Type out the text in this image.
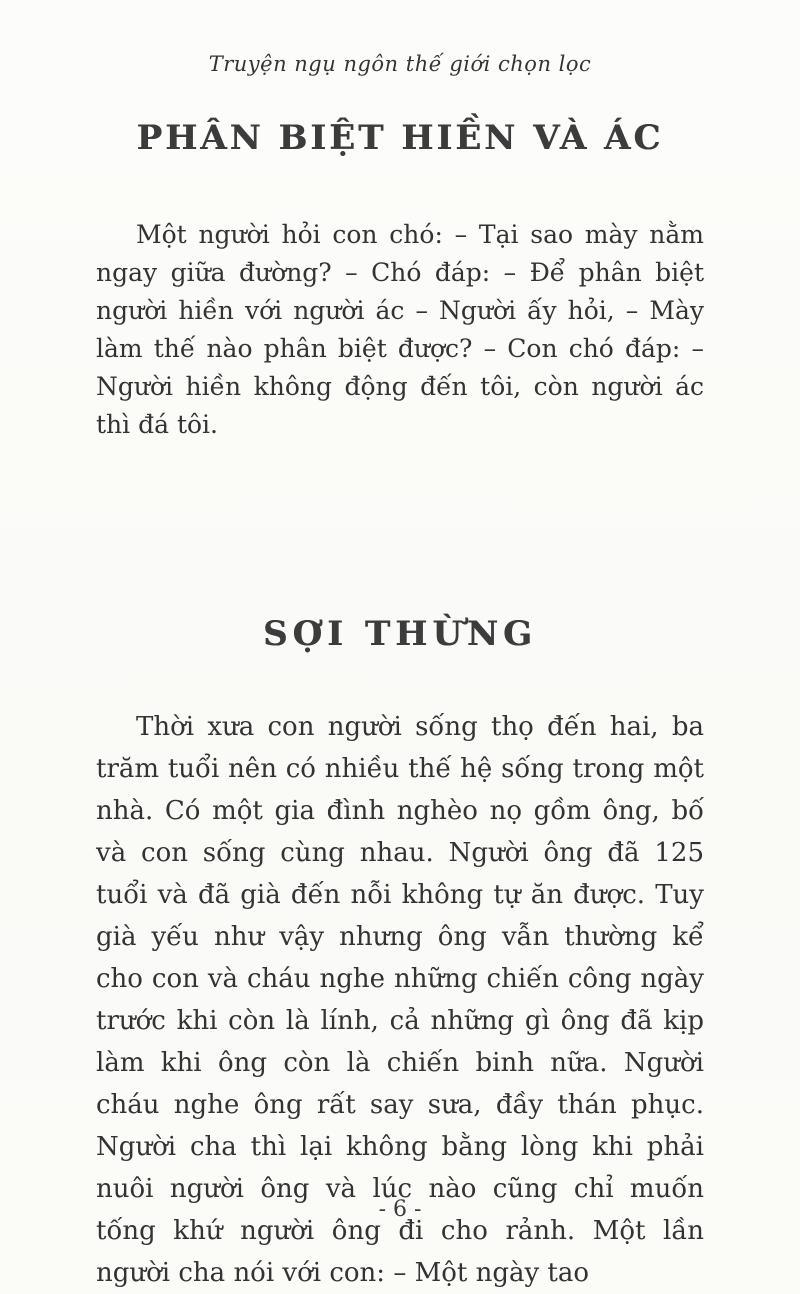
Truyện ngụ ngôn thế giới chọn lọc
PHÂN BIỆT HIỀN VÀ ÁC

Một người hỏi con chó: – Tại sao mày nằm ngay giữa đường? – Chó đáp: – Để phân biệt người hiền với người ác – Người ấy hỏi, – Mày làm thế nào phân biệt được? – Con chó đáp: – Người hiền không động đến tôi, còn người ác thì đá tôi.

SỢI THỪNG

Thời xưa con người sống thọ đến hai, ba trăm tuổi nên có nhiều thế hệ sống trong một nhà. Có một gia đình nghèo nọ gồm ông, bố và con sống cùng nhau. Người ông đã 125 tuổi và đã già đến nỗi không tự ăn được. Tuy già yếu như vậy nhưng ông vẫn thường kể cho con và cháu nghe những chiến công ngày trước khi còn là lính, cả những gì ông đã kịp làm khi ông còn là chiến binh nữa. Người cháu nghe ông rất say sưa, đầy thán phục. Người cha thì lại không bằng lòng khi phải nuôi người ông và lúc nào cũng chỉ muốn tống khứ người ông đi cho rảnh. Một lần người cha nói với con: – Một ngày tao

- 6 -
